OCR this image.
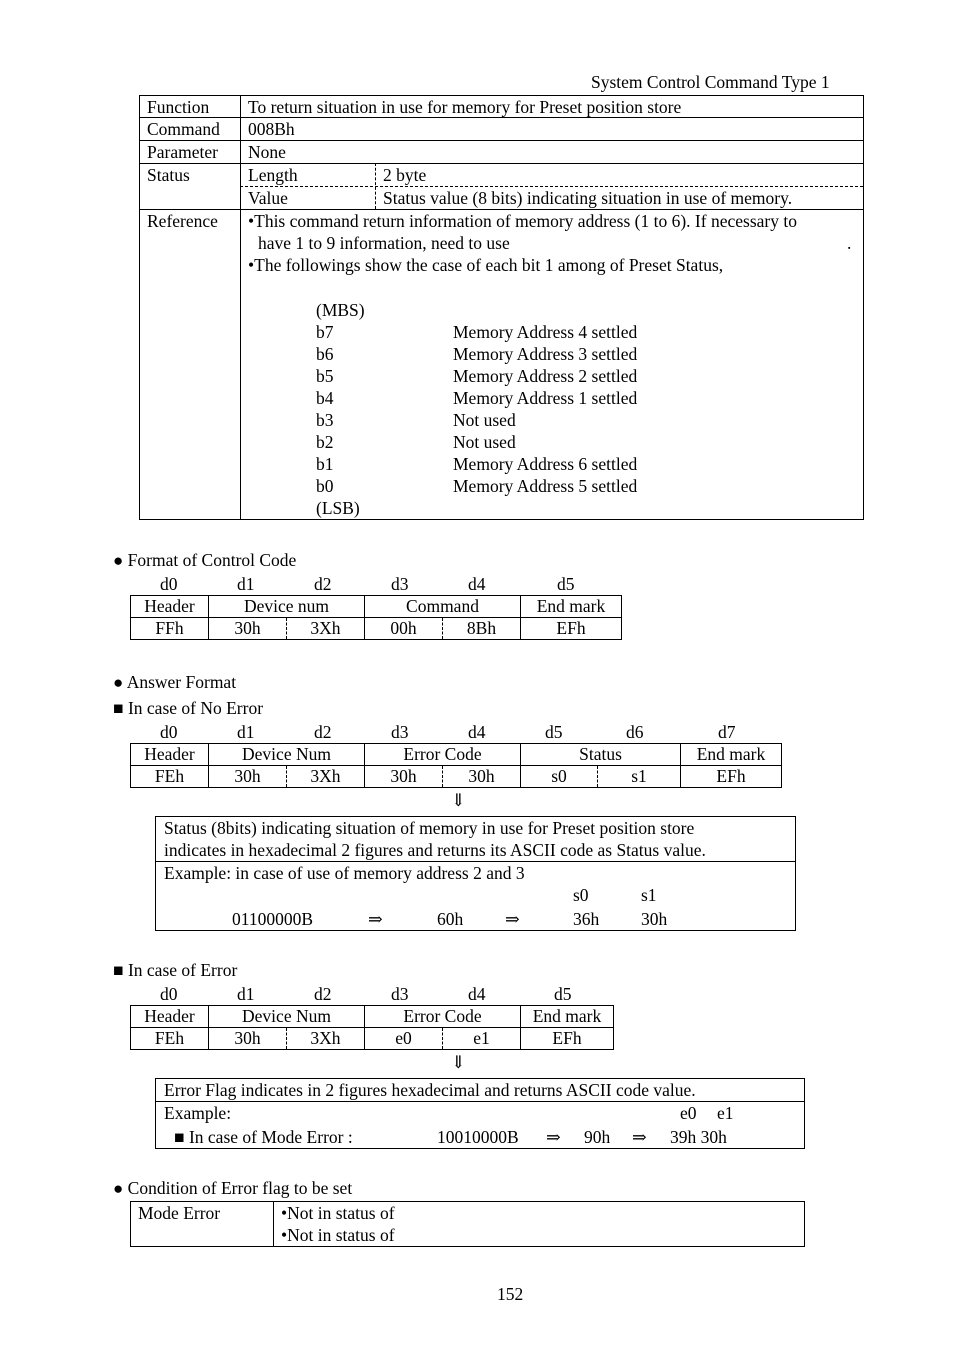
System Control Command Type 1
Function To return situation in use for memory for Preset position store
Command 008Bh
Parameter None
Status	Length	2 byte
Value	Status value (8 bits) indicating situation in use of memory.
Reference •This command return information of memory address (1 to 6). If necessary to
have 1 to 9 information, need to use	.
•The followings show the case of each bit 1 among of Preset Status,
(MBS)
b7	Memory Address 4 settled
b6	Memory Address 3 settled
b5	Memory Address 2 settled
b4	Memory Address 1 settled
b3	Not used
b2	Not used
b1	Memory Address 6 settled
b0	Memory Address 5 settled
(LSB)
● Format of Control Code
d0	d1	d2	d3	d4	d5
Header	Device num		Command		End mark
FFh	30h	3Xh	00h	8Bh	EFh
● Answer Format
■ In case of No Error
d0	d1	d2	d3	d4	d5	d6	d7
Header	Device Num		Error Code		Status		End mark
FEh	30h	3Xh	30h	30h	s0	s1	EFh
⇓
Status (8bits) indicating situation of memory in use for Preset position store
indicates in hexadecimal 2 figures and returns its ASCII code as Status value.
Example: in case of use of memory address 2 and 3
s0	s1
01100000B	⇒	60h ⇒	36h 30h
■ In case of Error
d0	d1	d2	d3	d4	d5
Header	Device Num		Error Code		End mark
FEh	30h	3Xh	e0	e1	EFh
⇓
Error Flag indicates in 2 figures hexadecimal and returns ASCII code value.
Example:	e0 e1
■ In case of Mode Error :	10010000B ⇒ 90h ⇒ 39h 30h
● Condition of Error flag to be set
Mode Error	•Not in status of
•Not in status of
152
